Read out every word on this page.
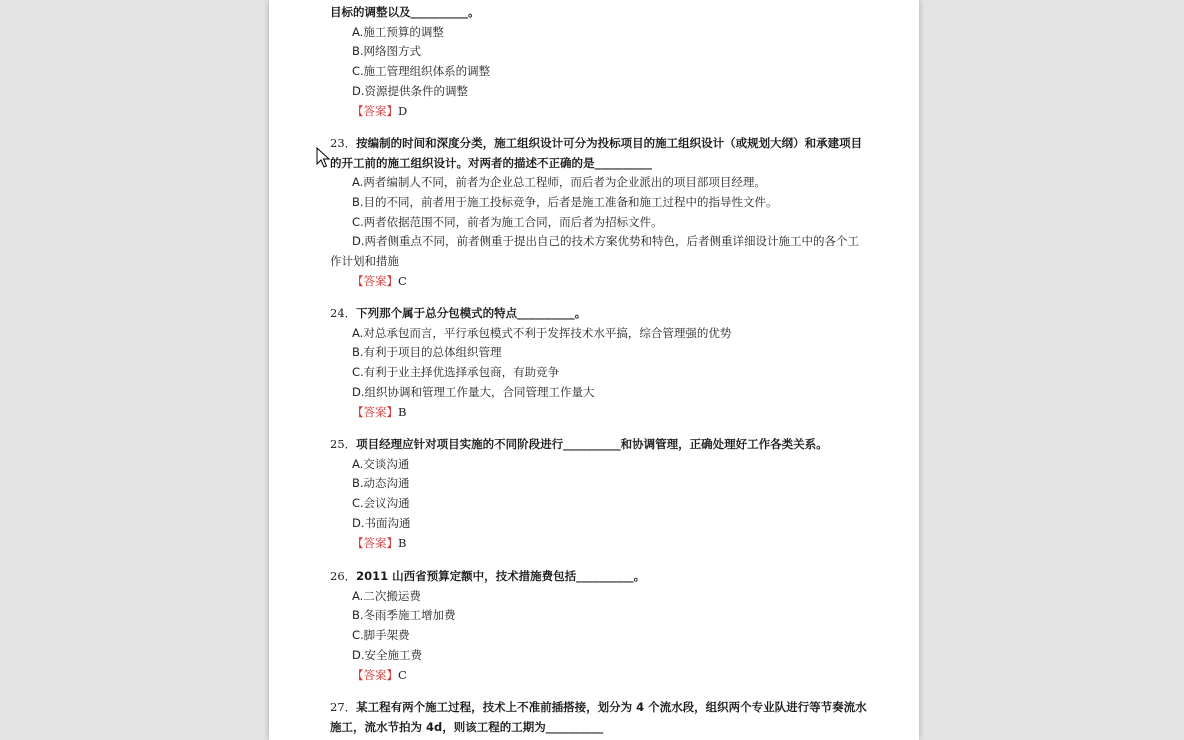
目标的调整以及__________。
A.施工预算的调整
B.网络图方式
C.施工管理组织体系的调整
D.资源提供条件的调整
【答案】D
23．按编制的时间和深度分类，施工组织设计可分为投标项目的施工组织设计（或规划大纲）和承建项目
的开工前的施工组织设计。对两者的描述不正确的是__________
A.两者编制人不同，前者为企业总工程师，而后者为企业派出的项目部项目经理。
B.目的不同，前者用于施工投标竞争，后者是施工准备和施工过程中的指导性文件。
C.两者依据范围不同，前者为施工合同，而后者为招标文件。
D.两者侧重点不同，前者侧重于提出自己的技术方案优势和特色，后者侧重详细设计施工中的各个工
作计划和措施
【答案】C
24．下列那个属于总分包模式的特点__________。
A.对总承包而言，平行承包模式不利于发挥技术水平搞，综合管理强的优势
B.有利于项目的总体组织管理
C.有利于业主择优选择承包商，有助竞争
D.组织协调和管理工作量大，合同管理工作量大
【答案】B
25．项目经理应针对项目实施的不同阶段进行__________和协调管理，正确处理好工作各类关系。
A.交谈沟通
B.动态沟通
C.会议沟通
D.书面沟通
【答案】B
26．2011 山西省预算定额中，技术措施费包括__________。
A.二次搬运费
B.冬雨季施工增加费
C.脚手架费
D.安全施工费
【答案】C
27．某工程有两个施工过程，技术上不准前插搭接，划分为 4 个流水段，组织两个专业队进行等节奏流水
施工，流水节拍为 4d，则该工程的工期为__________
